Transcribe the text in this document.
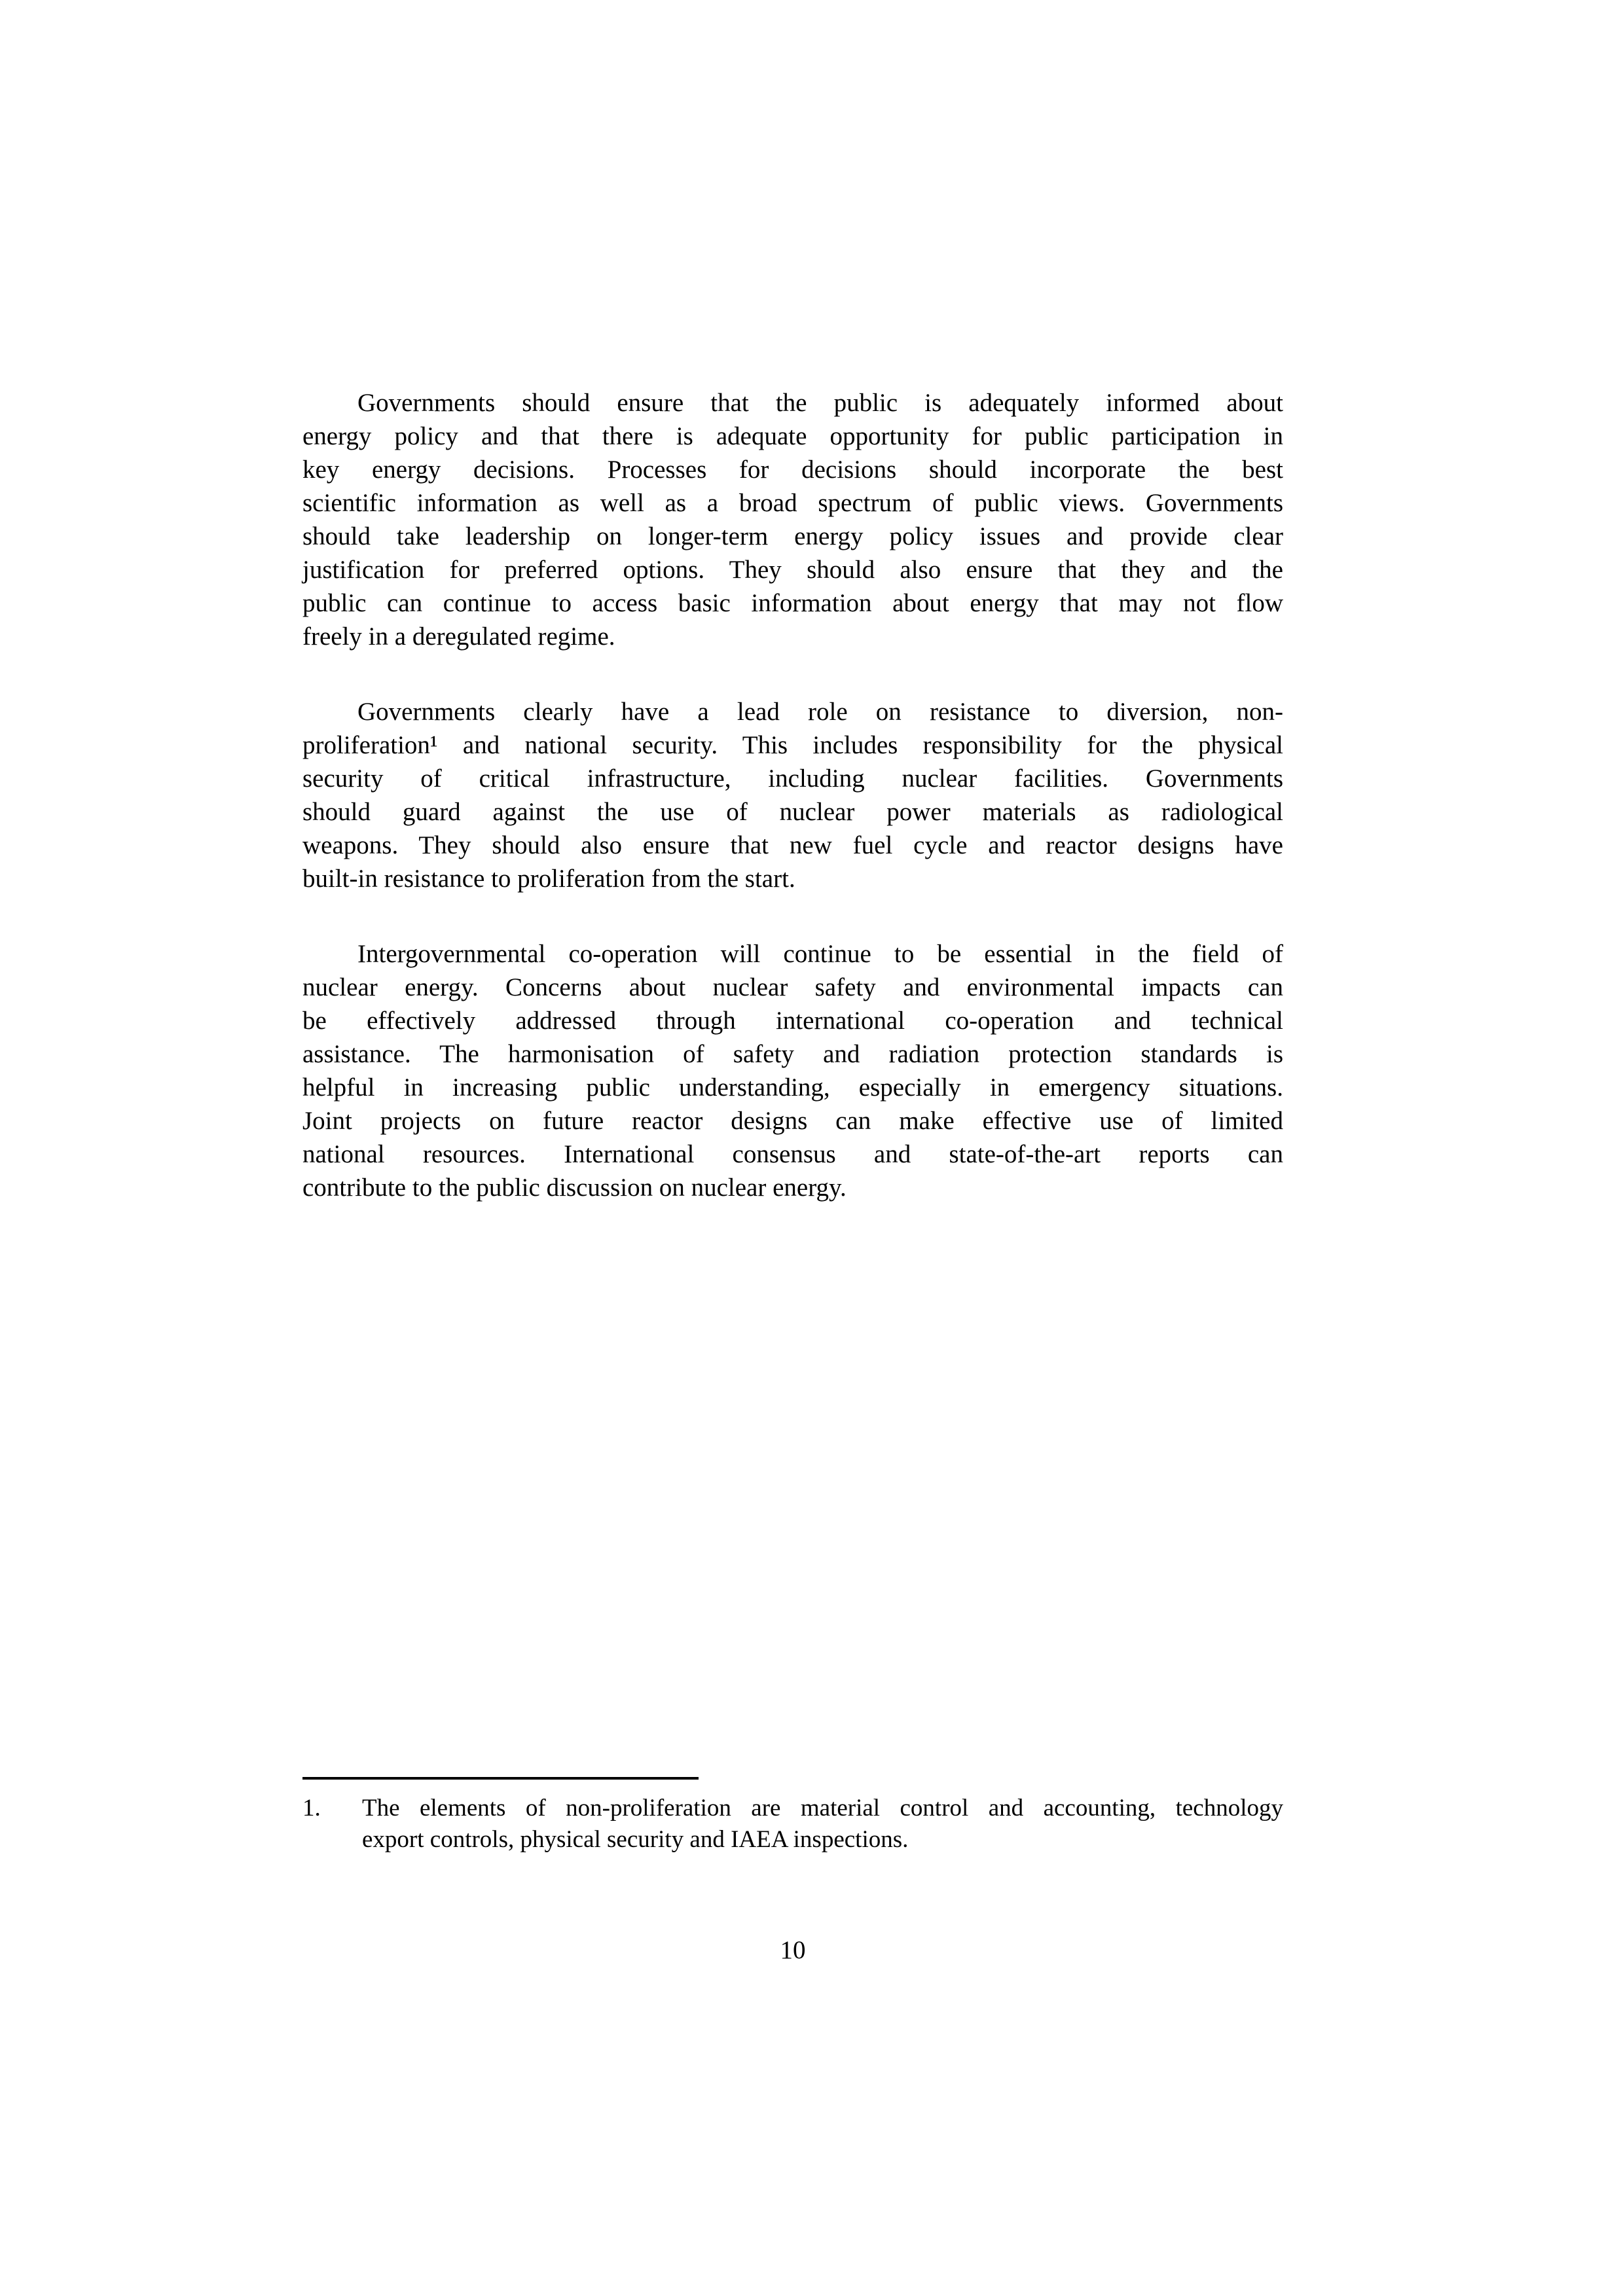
Governments should ensure that the public is adequately informed about
energy policy and that there is adequate opportunity for public participation in
key energy decisions. Processes for decisions should incorporate the best
scientific information as well as a broad spectrum of public views. Governments
should take leadership on longer-term energy policy issues and provide clear
justification for preferred options. They should also ensure that they and the
public can continue to access basic information about energy that may not flow
freely in a deregulated regime.
Governments clearly have a lead role on resistance to diversion, non-
proliferation¹ and national security. This includes responsibility for the physical
security of critical infrastructure, including nuclear facilities. Governments
should guard against the use of nuclear power materials as radiological
weapons. They should also ensure that new fuel cycle and reactor designs have
built-in resistance to proliferation from the start.
Intergovernmental co-operation will continue to be essential in the field of
nuclear energy. Concerns about nuclear safety and environmental impacts can
be effectively addressed through international co-operation and technical
assistance. The harmonisation of safety and radiation protection standards is
helpful in increasing public understanding, especially in emergency situations.
Joint projects on future reactor designs can make effective use of limited
national resources. International consensus and state-of-the-art reports can
contribute to the public discussion on nuclear energy.
1. The elements of non-proliferation are material control and accounting, technology
export controls, physical security and IAEA inspections.
10
